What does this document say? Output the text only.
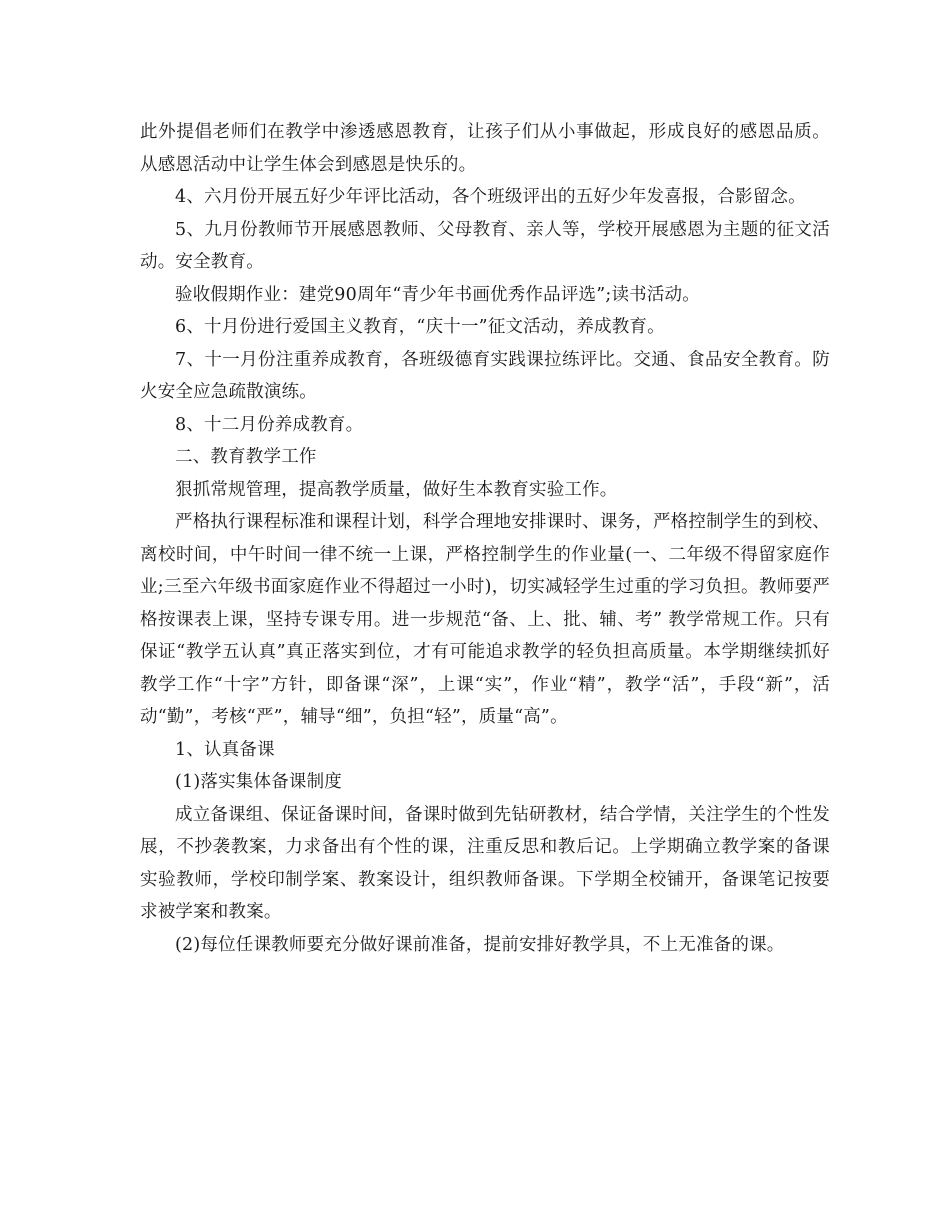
此外提倡老师们在教学中渗透感恩教育，让孩子们从小事做起，形成良好的感恩品质。从感恩活动中让学生体会到感恩是快乐的。

4、六月份开展五好少年评比活动，各个班级评出的五好少年发喜报，合影留念。

5、九月份教师节开展感恩教师、父母教育、亲人等，学校开展感恩为主题的征文活动。安全教育。

验收假期作业：建党90周年“青少年书画优秀作品评选”;读书活动。

6、十月份进行爱国主义教育，“庆十一”征文活动，养成教育。

7、十一月份注重养成教育，各班级德育实践课拉练评比。交通、食品安全教育。防火安全应急疏散演练。

8、十二月份养成教育。

二、教育教学工作

狠抓常规管理，提高教学质量，做好生本教育实验工作。

严格执行课程标准和课程计划，科学合理地安排课时、课务，严格控制学生的到校、离校时间，中午时间一律不统一上课，严格控制学生的作业量(一、二年级不得留家庭作业;三至六年级书面家庭作业不得超过一小时)，切实减轻学生过重的学习负担。教师要严格按课表上课，坚持专课专用。进一步规范“备、上、批、辅、考” 教学常规工作。只有保证“教学五认真”真正落实到位，才有可能追求教学的轻负担高质量。本学期继续抓好教学工作“十字”方针，即备课“深”，上课“实”，作业“精”，教学“活”，手段“新”，活动“勤”，考核“严”，辅导“细”，负担“轻”，质量“高”。

1、认真备课

(1)落实集体备课制度

成立备课组、保证备课时间，备课时做到先钻研教材，结合学情，关注学生的个性发展，不抄袭教案，力求备出有个性的课，注重反思和教后记。上学期确立教学案的备课实验教师，学校印制学案、教案设计，组织教师备课。下学期全校铺开，备课笔记按要求被学案和教案。

(2)每位任课教师要充分做好课前准备，提前安排好教学具，不上无准备的课。
